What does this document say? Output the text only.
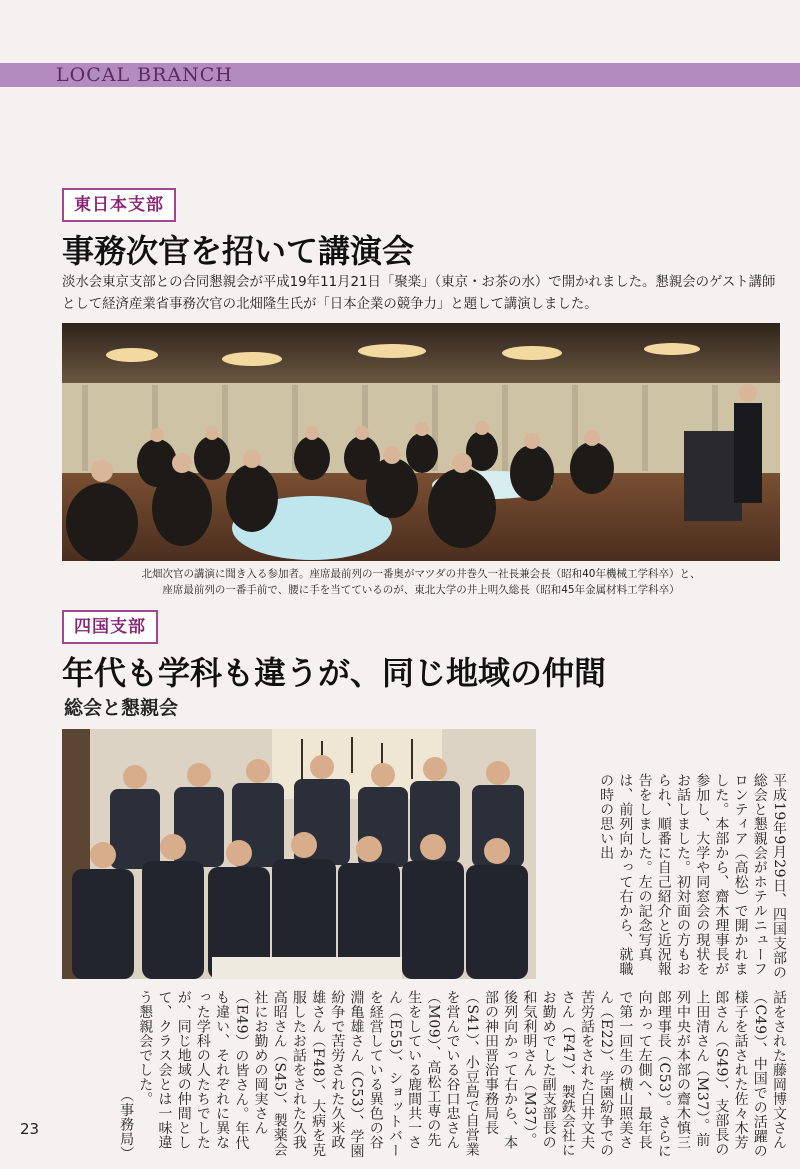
LOCAL BRANCH
東日本支部
事務次官を招いて講演会
淡水会東京支部との合同懇親会が平成19年11月21日「聚楽」（東京・お茶の水）で開かれました。懇親会のゲスト講師として経済産業省事務次官の北畑隆生氏が「日本企業の競争力」と題して講演しました。
北畑次官の講演に聞き入る参加者。座席最前列の一番奥がマツダの井巻久一社長兼会長（昭和40年機械工学科卒）と、
座席最前列の一番手前で、腰に手を当てているのが、東北大学の井上明久総長（昭和45年金属材料工学科卒）
四国支部
年代も学科も違うが、同じ地域の仲間
総会と懇親会
平成19年9月29日、四国支部の総会と懇親会がホテルニューフロンティア（高松）で開かれました。本部から、齋木理事長が参加し、大学や同窓会の現状をお話しました。初対面の方もおられ、順番に自己紹介と近況報告をしました。左の記念写真は、前列向かって右から、就職の時の思い出
話をされた藤岡博文さん（C49）、中国での活躍の様子を話された佐々木芳郎さん（S49）、支部長の上田清さん（M37）。前列中央が本部の齋木慎三郎理事長（C53）。さらに向かって左側へ、最年長で第一回生の横山照美さん（E22）、学園紛争での苦労話をされた白井文夫さん（F47）、製鉄会社にお勤めでした副支部長の和気利明さん（M37）。後列向かって右から、本部の神田晋治事務局長（S41）、小豆島で自営業を営んでいる谷口忠さん（M09）、高松工専の先生をしている鹿間共一さん（E55）、ショットバーを経営している異色の谷淵亀雄さん（C53）、学園紛争で苦労された久米政雄さん（F48）、大病を克服したお話をされた久我高昭さん（S45）、製薬会社にお勤めの岡実さん（E49）の皆さん。年代も違い、それぞれに異なった学科の人たちでしたが、同じ地域の仲間として、クラス会とは一味違う懇親会でした。
（事務局）
23
